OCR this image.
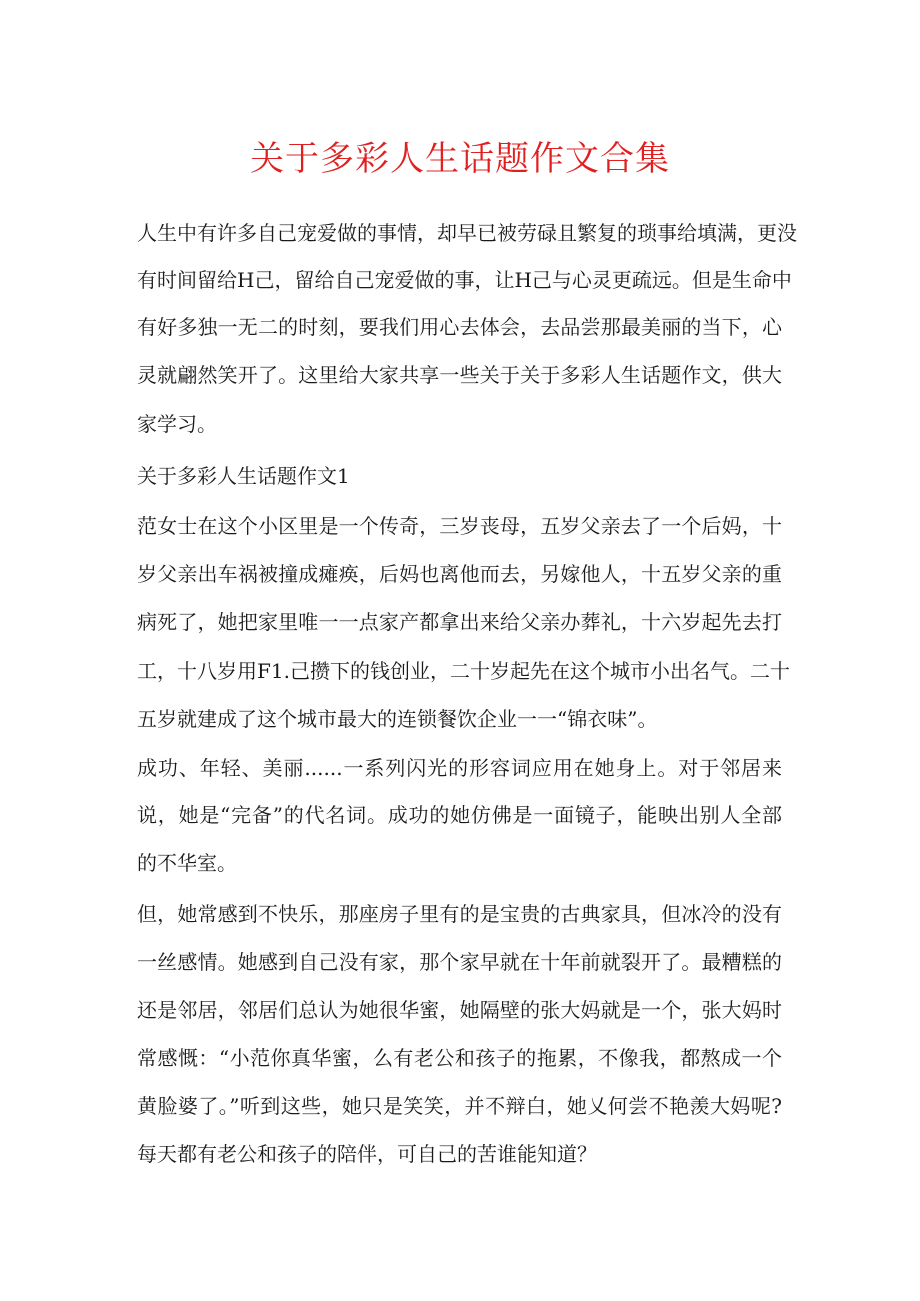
关于多彩人生话题作文合集
人生中有许多自己宠爱做的事情，却早已被劳碌且繁复的琐事给填满，更没
有时间留给H己，留给自己宠爱做的事，让H己与心灵更疏远。但是生命中
有好多独一无二的时刻，要我们用心去体会，去品尝那最美丽的当下，心
灵就翩然笑开了。这里给大家共享一些关于关于多彩人生话题作文，供大
家学习。
关于多彩人生话题作文1
范女士在这个小区里是一个传奇，三岁丧母，五岁父亲去了一个后妈，十
岁父亲出车祸被撞成瘫痪，后妈也离他而去，另嫁他人，十五岁父亲的重
病死了，她把家里唯一一点家产都拿出来给父亲办葬礼，十六岁起先去打
工，十八岁用F1.己攒下的钱创业，二十岁起先在这个城市小出名气。二十
五岁就建成了这个城市最大的连锁餐饮企业一一“锦衣味”。
成功、年轻、美丽......一系列闪光的形容词应用在她身上。对于邻居来
说，她是“完备”的代名词。成功的她仿佛是一面镜子，能映出别人全部
的不华室。
但，她常感到不快乐，那座房子里有的是宝贵的古典家具，但冰冷的没有
一丝感情。她感到自己没有家，那个家早就在十年前就裂开了。最糟糕的
还是邻居，邻居们总认为她很华蜜，她隔壁的张大妈就是一个，张大妈时
常感慨：“小范你真华蜜，么有老公和孩子的拖累，不像我，都熬成一个
黄脸婆了。”听到这些，她只是笑笑，并不辩白，她乂何尝不艳羡大妈呢?
每天都有老公和孩子的陪伴，可自己的苦谁能知道？
